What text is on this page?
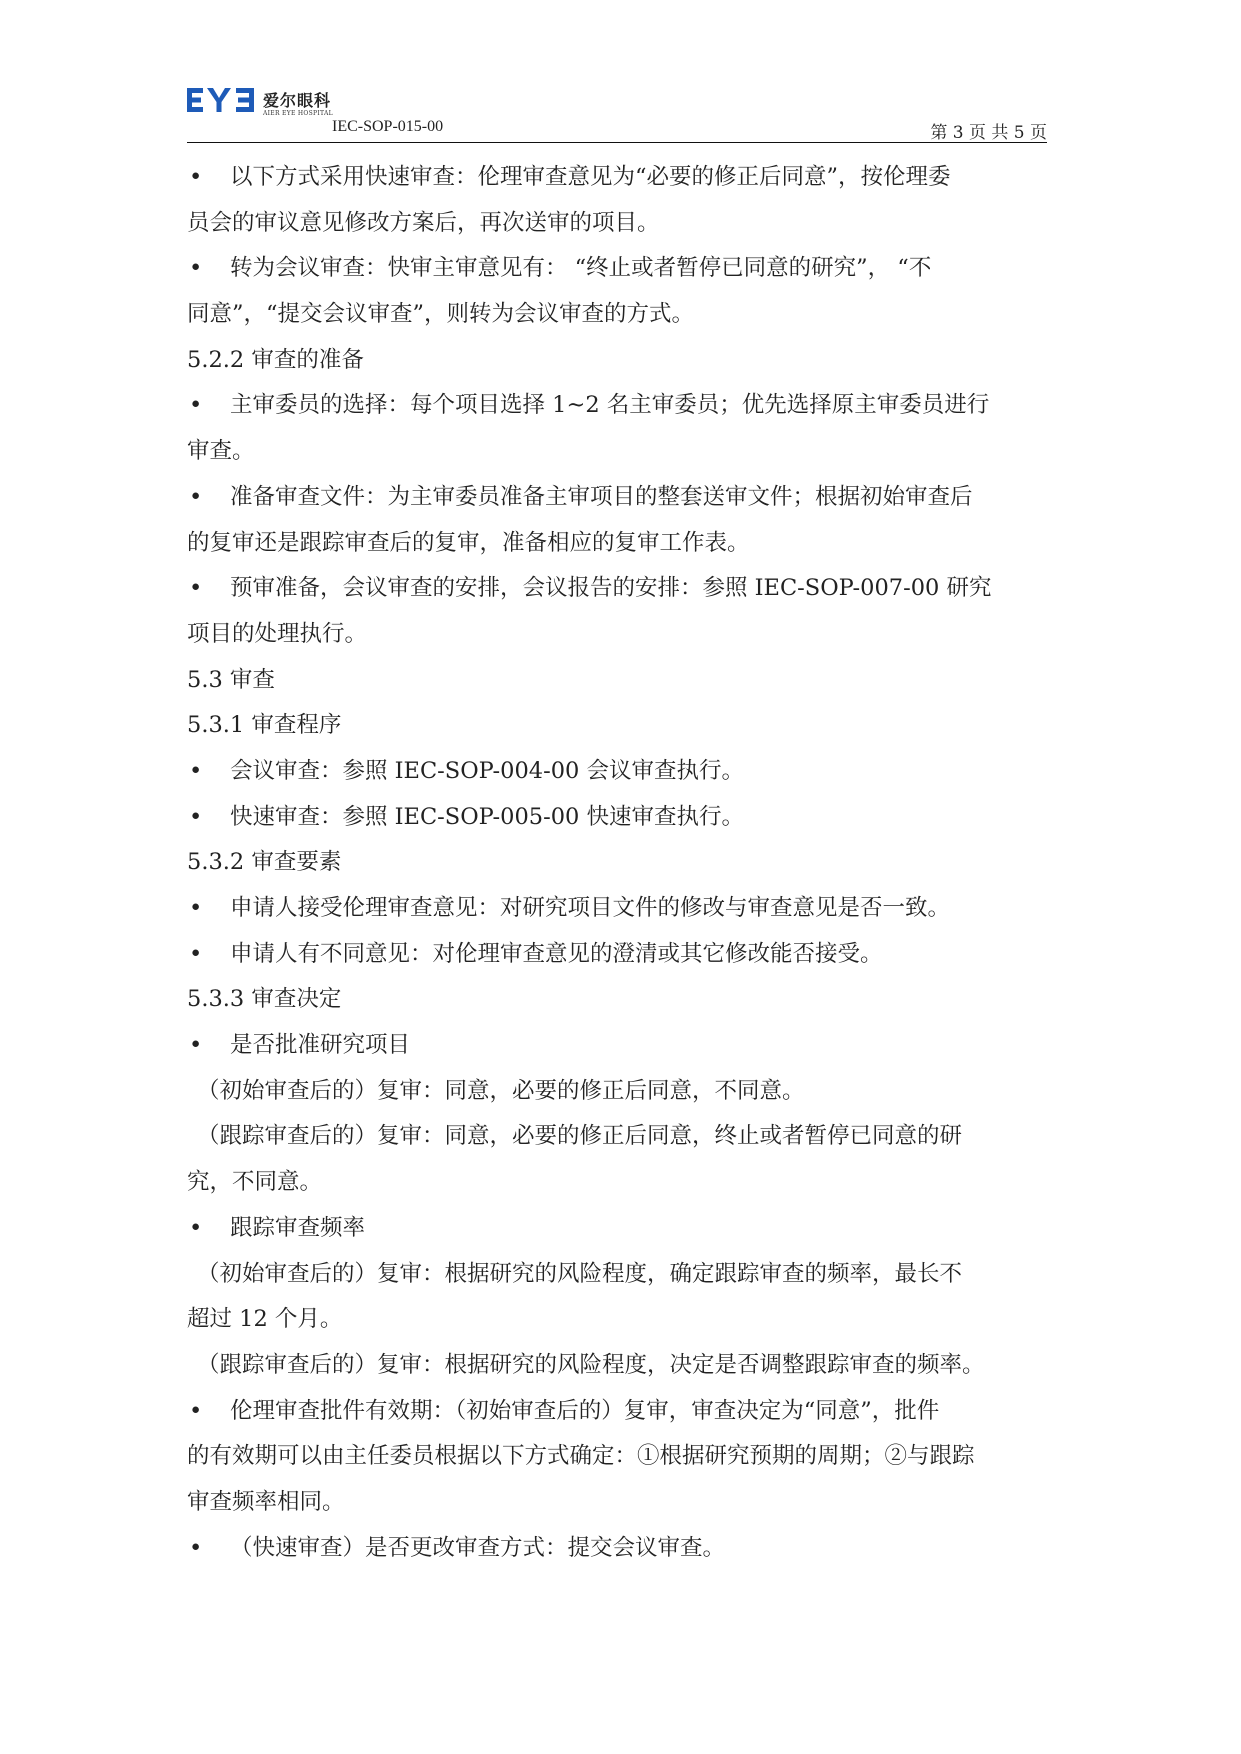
爱尔眼科
AIER EYE HOSPITAL
IEC-SOP-015-00	第 3 页 共 5 页
• 以下方式采用快速审查：伦理审查意见为“必要的修正后同意”，按伦理委
员会的审议意见修改方案后，再次送审的项目。
• 转为会议审查：快审主审意见有： “终止或者暂停已同意的研究”， “不
同意”，“提交会议审查”，则转为会议审查的方式。
5.2.2 审查的准备
• 主审委员的选择：每个项目选择 1~2 名主审委员；优先选择原主审委员进行
审查。
• 准备审查文件：为主审委员准备主审项目的整套送审文件；根据初始审查后
的复审还是跟踪审查后的复审，准备相应的复审工作表。
• 预审准备，会议审查的安排，会议报告的安排：参照 IEC-SOP-007-00 研究
项目的处理执行。
5.3 审查
5.3.1 审查程序
• 会议审查：参照 IEC-SOP-004-00 会议审查执行。
• 快速审查：参照 IEC-SOP-005-00 快速审查执行。
5.3.2 审查要素
• 申请人接受伦理审查意见：对研究项目文件的修改与审查意见是否一致。
• 申请人有不同意见：对伦理审查意见的澄清或其它修改能否接受。
5.3.3 审查决定
• 是否批准研究项目
（初始审查后的）复审：同意，必要的修正后同意，不同意。
（跟踪审查后的）复审：同意，必要的修正后同意，终止或者暂停已同意的研
究，不同意。
• 跟踪审查频率
（初始审查后的）复审：根据研究的风险程度，确定跟踪审查的频率，最长不
超过 12 个月。
（跟踪审查后的）复审：根据研究的风险程度，决定是否调整跟踪审查的频率。
• 伦理审查批件有效期：（初始审查后的）复审，审查决定为“同意”，批件
的有效期可以由主任委员根据以下方式确定：①根据研究预期的周期；②与跟踪
审查频率相同。
• （快速审查）是否更改审查方式：提交会议审查。
